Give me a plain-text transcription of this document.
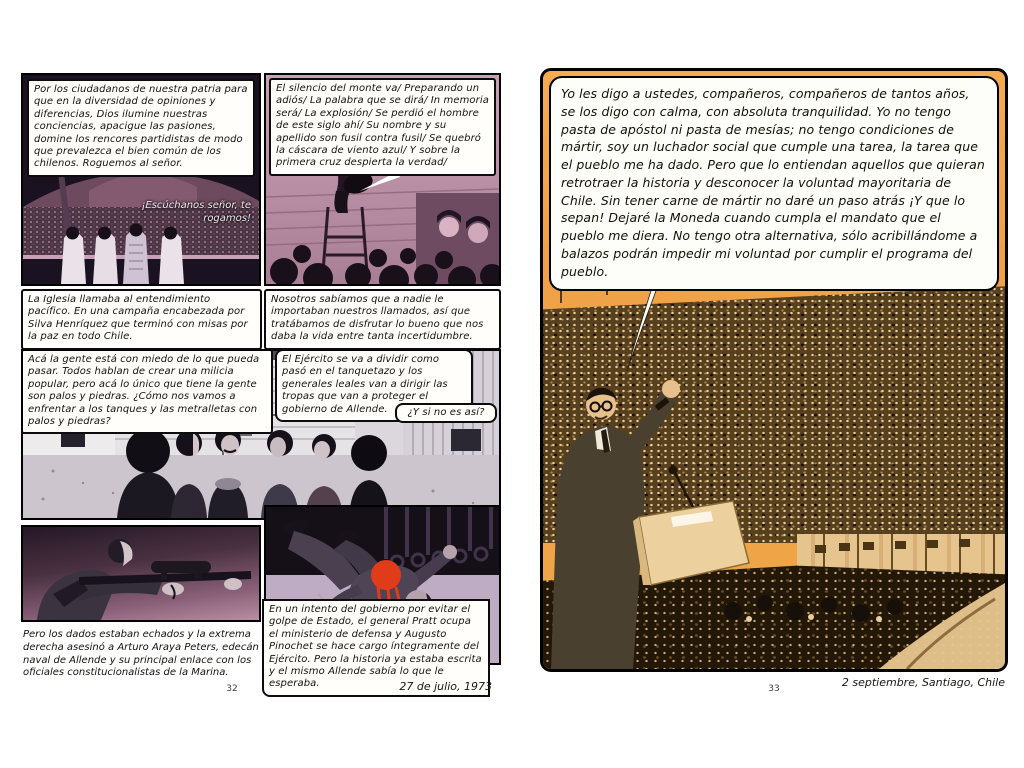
Por los ciudadanos de nuestra patria para que en la diversidad de opiniones y diferencias, Dios ilumine nuestras conciencias, apacigue las pasiones, domine los rencores partidistas de modo que prevalezca el bien común de los chilenos. Roguemos al señor.
¡Escúchanos señor, te rogamos!
La Iglesia llamaba al entendimiento pacífico. En una campaña encabezada por Silva Henríquez que terminó con misas por la paz en todo Chile.
El silencio del monte va/ Preparando un adiós/ La palabra que se dirá/ In memoria será/ La explosión/ Se perdió el hombre de este siglo ahí/ Su nombre y su apellido son fusil contra fusil/ Se quebró la cáscara de viento azul/ Y sobre la primera cruz despierta la verdad/
Nosotros sabíamos que a nadie le importaban nuestros llamados, así que tratábamos de disfrutar lo bueno que nos daba la vida entre tanta incertidumbre.
Acá la gente está con miedo de lo que pueda pasar. Todos hablan de crear una milicia popular, pero acá lo único que tiene la gente son palos y piedras. ¿Cómo nos vamos a enfrentar a los tanques y las metralletas con palos y piedras?
El Ejército se va a dividir como pasó en el tanquetazo y los generales leales van a dirigir las tropas que van a proteger el gobierno de Allende.	¿Y si no es así?
Pero los dados estaban echados y la extrema derecha asesinó a Arturo Araya Peters, edecán naval de Allende y su principal enlace con los oficiales constitucionalistas de la Marina.
En un intento del gobierno por evitar el golpe de Estado, el general Pratt ocupa el ministerio de defensa y Augusto Pinochet se hace cargo íntegramente del Ejército. Pero la historia ya estaba escrita y el mismo Allende sabía lo que le esperaba.	27 de julio, 1973
32
Yo les digo a ustedes, compañeros, compañeros de tantos años, se los digo con calma, con absoluta tranquilidad. Yo no tengo pasta de apóstol ni pasta de mesías; no tengo condiciones de mártir, soy un luchador social que cumple una tarea, la tarea que el pueblo me ha dado. Pero que lo entiendan aquellos que quieran retrotraer la historia y desconocer la voluntad mayoritaria de Chile. Sin tener carne de mártir no daré un paso atrás ¡Y que lo sepan! Dejaré la Moneda cuando cumpla el mandato que el pueblo me diera. No tengo otra alternativa, sólo acribillándome a balazos podrán impedir mi voluntad por cumplir el programa del pueblo.
2 septiembre, Santiago, Chile
33
